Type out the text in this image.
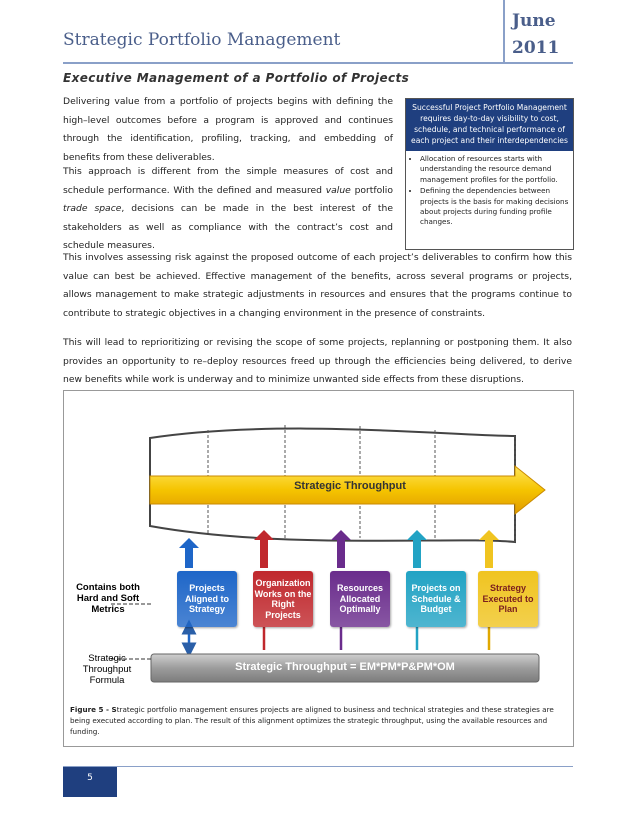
Strategic Portfolio Management
June
2011
Executive Management of a Portfolio of Projects
Delivering value from a portfolio of projects begins with defining the high–level outcomes before a program is approved and continues through the identification, profiling, tracking, and embedding of benefits from these deliverables.
This approach is different from the simple measures of cost and schedule performance. With the defined and measured value portfolio trade space, decisions can be made in the best interest of the stakeholders as well as compliance with the contract’s cost and schedule measures.
This involves assessing risk against the proposed outcome of each project’s deliverables to confirm how this value can best be achieved. Effective management of the benefits, across several programs or projects, allows management to make strategic adjustments in resources and ensures that the programs continue to contribute to strategic objectives in a changing environment in the presence of constraints.
This will lead to reprioritizing or revising the scope of some projects, replanning or postponing them. It also provides an opportunity to re–deploy resources freed up through the efficiencies being delivered, to derive new benefits while work is underway and to minimize unwanted side effects from these disruptions.
Successful Project Portfolio Management requires day-to-day visibility to cost, schedule, and technical performance of each project and their interdependencies
• Allocation of resources starts with understanding the resource demand management profiles for the portfolio.
• Defining the dependencies between projects is the basis for making decisions about projects during funding profile changes.
Strategic Throughput
Projects Aligned to Strategy
Organization Works on the Right Projects
Resources Allocated Optimally
Projects on Schedule & Budget
Strategy Executed to Plan
Strategic Throughput = EM*PM*P&PM*OM
Contains both Hard and Soft Metrics
Strategic Throughput Formula
Figure 5 - Strategic portfolio management ensures projects are aligned to business and technical strategies and these strategies are being executed according to plan. The result of this alignment optimizes the strategic throughput, using the available resources and funding.
5
